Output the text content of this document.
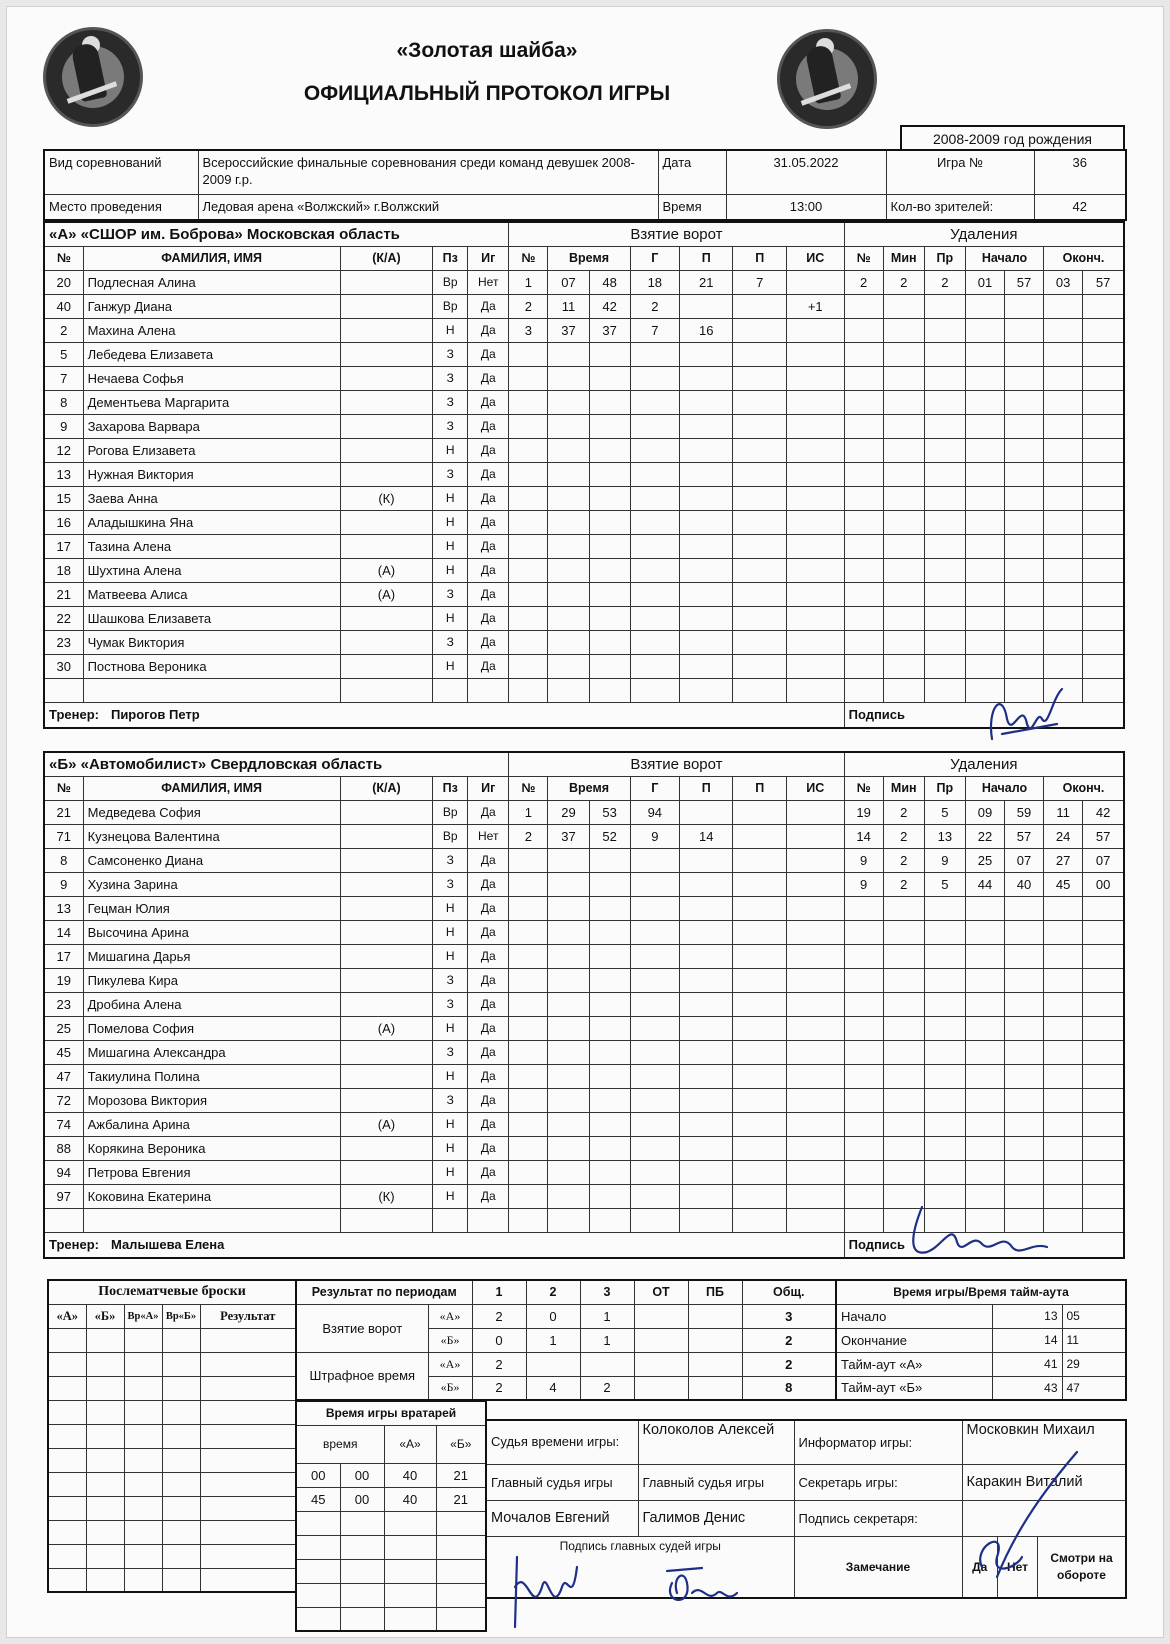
«Золотая шайба»
ОФИЦИАЛЬНЫЙ ПРОТОКОЛ ИГРЫ
2008-2009 год рождения
Вид соревнований	Всероссийские финальные соревнования среди команд девушек 2008-2009 г.р.	Дата	31.05.2022	Игра №	36
Место проведения	Ледовая арена «Волжский» г.Волжский	Время	13:00	Кол-во зрителей:	42
«А» «СШОР им. Боброва» Московская область					Взятие ворот							Удаления						
№	ФАМИЛИЯ, ИМЯ	(К/А)	Пз	Иг	№	Время		Г	П	П	ИС	№	Мин	Пр	Начало		Оконч.	
20	Подлесная Алина		Вр	Нет	1	07	48	18	21	7		2	2	2	01	57	03	57
40	Ганжур Диана		Вр	Да	2	11	42	2			+1							
2	Махина Алена		Н	Да	3	37	37	7	16									
5	Лебедева Елизавета		З	Да														
7	Нечаева Софья		З	Да														
8	Дементьева Маргарита		З	Да														
9	Захарова Варвара		З	Да														
12	Рогова Елизавета		Н	Да														
13	Нужная Виктория		З	Да														
15	Заева Анна	(К)	Н	Да														
16	Аладышкина Яна		Н	Да														
17	Тазина Алена		Н	Да														
18	Шухтина Алена	(А)	Н	Да														
21	Матвеева Алиса	(А)	З	Да														
22	Шашкова Елизавета		Н	Да														
23	Чумак Виктория		З	Да														
30	Постнова Вероника		Н	Да														

Тренер: Пирогов Петр												Подпись						
«Б» «Автомобилист» Свердловская область					Взятие ворот							Удаления						
№	ФАМИЛИЯ, ИМЯ	(К/А)	Пз	Иг	№	Время		Г	П	П	ИС	№	Мин	Пр	Начало		Оконч.	
21	Медведева София		Вр	Да	1	29	53	94				19	2	5	09	59	11	42
71	Кузнецова Валентина		Вр	Нет	2	37	52	9	14			14	2	13	22	57	24	57
8	Самсоненко Диана		З	Да								9	2	9	25	07	27	07
9	Хузина Зарина		З	Да								9	2	5	44	40	45	00
13	Гецман Юлия		Н	Да														
14	Высочина Арина		Н	Да														
17	Мишагина Дарья		Н	Да														
19	Пикулева Кира		З	Да														
23	Дробина Алена		З	Да														
25	Помелова София	(А)	Н	Да														
45	Мишагина Александра		З	Да														
47	Такиулина Полина		Н	Да														
72	Морозова Виктория		З	Да														
74	Ажбалина Арина	(А)	Н	Да														
88	Корякина Вероника		Н	Да														
94	Петрова Евгения		Н	Да														
97	Коковина Екатерина	(К)	Н	Да														

Тренер: Малышева Елена												Подпись						
Послематчевые броски				
«А»	«Б»	Вр«А»	Вр«Б»	Результат

Результат по периодам		1	2	3	ОТ	ПБ	Общ.
Взятие ворот	«А»	2	0	1			3
	«Б»	0	1	1			2
Штрафное время	«А»	2					2
	«Б»	2	4	2			8
Время игры/Время тайм-аута		
Начало	13	05
Окончание	14	11
Тайм-аут «А»	41	29
Тайм-аут «Б»	43	47
Время игры вратарей			
время		«А»	«Б»
00	00	40	21
45	00	40	21

Судья времени игры:	Колоколов Алексей	Информатор игры:	Московкин Михаил
Главный судья игры	Главный судья игры	Секретарь игры:	Каракин Виталий
Мочалов Евгений	Галимов Денис	Подпись секретаря:	
Подпись главных судей игры	Замечание		Да	Нет	Смотри на обороте
